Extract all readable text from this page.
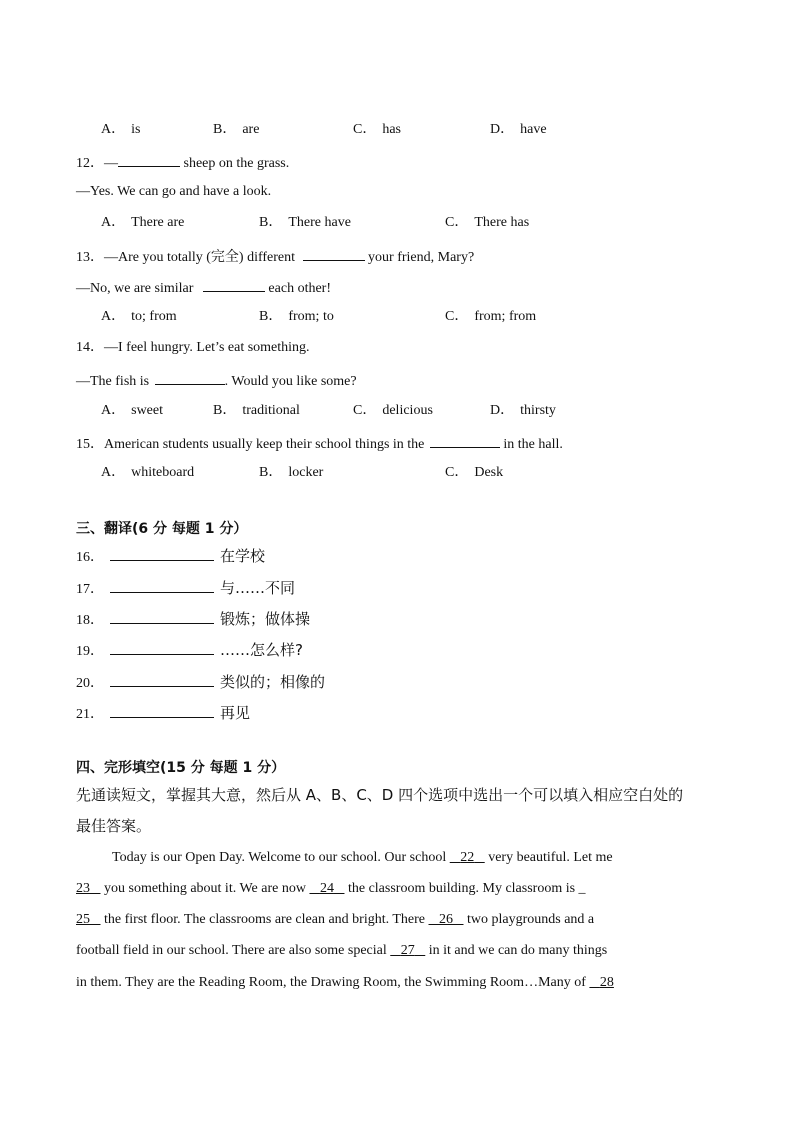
A． is	B． are	C． has	D． have
12．—	sheep on the grass.
—Yes. We can go and have a look.
A． There are	B． There have	C． There has
13．—Are you totally (完全) different	your friend, Mary?
—No, we are similar	each other!
A． to; from	B． from; to	C． from; from
14．—I feel hungry. Let’s eat something.
—The fish is	. Would you like some?
A． sweet	B． traditional	C． delicious	D． thirsty
15．American students usually keep their school things in the	in the hall.
A． whiteboard	B． locker	C． Desk
三、翻译(6 分 每题 1 分）
16．	在学校
17．	与……不同
18．	锻炼；做体操
19．	……怎么样?
20．	类似的；相像的
21．	再见
四、完形填空(15 分 每题 1 分）
先通读短文，掌握其大意，然后从 A、B、C、D 四个选项中选出一个可以填入相应空白处的
最佳答案。
Today is our Open Day. Welcome to our school. Our school    22    very beautiful. Let me
23    you something about it. We are now    24    the classroom building. My classroom is _
25    the first floor. The classrooms are clean and bright. There    26    two playgrounds and a
football field in our school. There are also some special    27    in it and we can do many things
in them. They are the Reading Room, the Drawing Room, the Swimming Room…Many of    28
